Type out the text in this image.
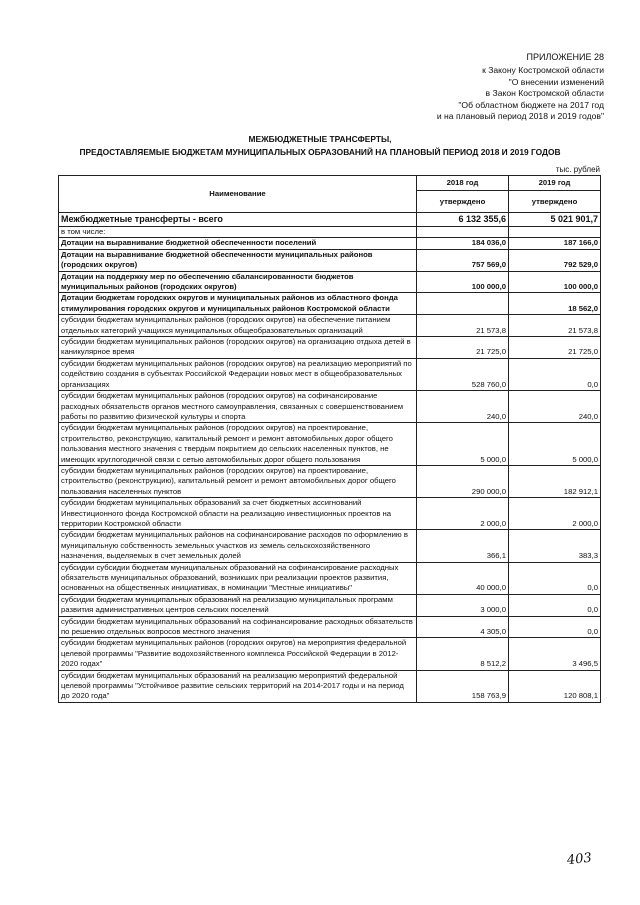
ПРИЛОЖЕНИЕ 28
к Закону Костромской области
"О внесении изменений
в Закон Костромской области
"Об областном бюджете на 2017 год
и на плановый период 2018 и 2019 годов"
МЕЖБЮДЖЕТНЫЕ ТРАНСФЕРТЫ,
ПРЕДОСТАВЛЯЕМЫЕ БЮДЖЕТАМ МУНИЦИПАЛЬНЫХ ОБРАЗОВАНИЙ НА ПЛАНОВЫЙ ПЕРИОД 2018 И 2019 ГОДОВ
тыс. рублей
Наименование	2018 год	2019 год
	утверждено	утверждено
Межбюджетные трансферты - всего	6 132 355,6	5 021 901,7
в том числе:		
Дотации на выравнивание бюджетной обеспеченности поселений	184 036,0	187 166,0
Дотации на выравнивание бюджетной обеспеченности муниципальных районов (городских округов)	757 569,0	792 529,0
Дотации на поддержку мер по обеспечению сбалансированности бюджетов муниципальных районов (городских округов)	100 000,0	100 000,0
Дотации бюджетам городских округов и муниципальных районов из областного фонда стимулирования городских округов и муниципальных районов Костромской области		18 562,0
субсидии бюджетам муниципальных районов (городских округов) на обеспечение питанием отдельных категорий учащихся муниципальных общеобразовательных организаций	21 573,8	21 573,8
субсидии бюджетам муниципальных районов (городских округов) на организацию отдыха детей в каникулярное время	21 725,0	21 725,0
субсидии бюджетам муниципальных районов (городских округов) на реализацию мероприятий по содействию создания в субъектах Российской Федерации новых мест в общеобразовательных организациях	528 760,0	0,0
субсидии бюджетам муниципальных районов (городских округов) на софинансирование расходных обязательств органов местного самоуправления, связанных с совершенствованием работы по развитию физической культуры и спорта	240,0	240,0
субсидии бюджетам муниципальных районов (городских округов) на проектирование, строительство, реконструкцию, капитальный ремонт и ремонт автомобильных дорог общего пользования местного значения с твердым покрытием до сельских населенных пунктов, не имеющих круглогодичной связи с сетью автомобильных дорог общего пользования	5 000,0	5 000,0
субсидии бюджетам муниципальных районов (городских округов) на проектирование, строительство (реконструкцию), капитальный ремонт и ремонт автомобильных дорог общего пользования населенных пунктов	290 000,0	182 912,1
субсидии бюджетам муниципальных образований за счет бюджетных ассигнований Инвестиционного фонда Костромской области на реализацию инвестиционных проектов на территории Костромской области	2 000,0	2 000,0
субсидии бюджетам муниципальных районов на софинансирование расходов по оформлению в муниципальную собственность земельных участков из земель сельскохозяйственного назначения, выделяемых в счет земельных долей	366,1	383,3
субсидии субсидии бюджетам муниципальных образований на софинансирование расходных обязательств муниципальных образований, возникших при реализации проектов развития, основанных на общественных инициативах, в номинации "Местные инициативы"	40 000,0	0,0
субсидии бюджетам муниципальных образований на реализацию муниципальных программ развития административных центров сельских поселений	3 000,0	0,0
субсидии бюджетам муниципальных образований на софинансирование расходных обязательств по решению отдельных вопросов местного значения	4 305,0	0,0
субсидии бюджетам муниципальных районов (городских округов) на мероприятия федеральной целевой программы "Развитие водохозяйственного комплекса Российской Федерации в 2012-2020 годах"	8 512,2	3 496,5
субсидии бюджетам муниципальных образований на реализацию мероприятий федеральной целевой программы "Устойчивое развитие сельских территорий на 2014-2017 годы и на период до 2020 года"	158 763,9	120 808,1
403
